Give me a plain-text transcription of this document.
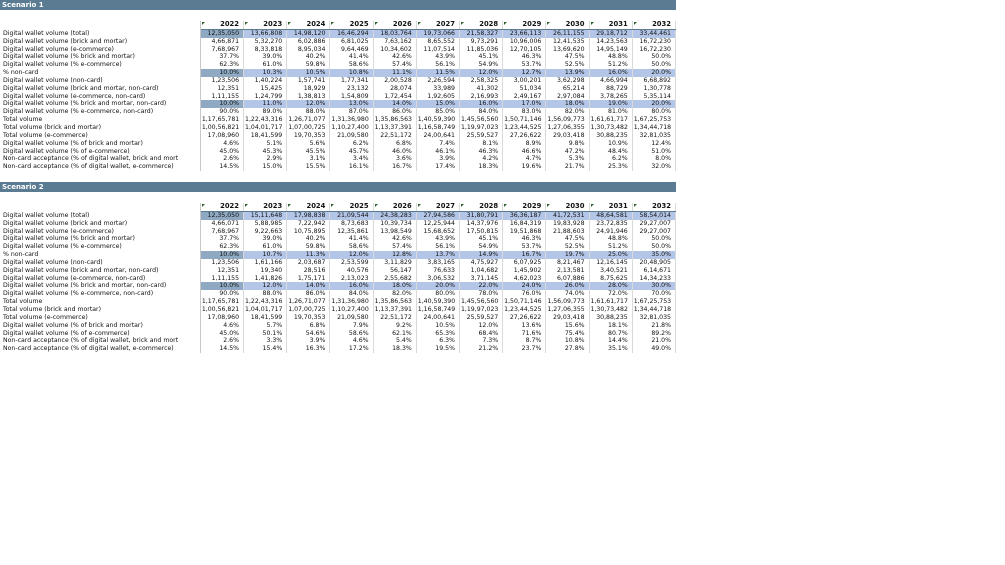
Scenario 1
	2022	2023	2024	2025	2026	2027	2028	2029	2030	2031	2032
Digital wallet volume (total)	12,35,050	13,66,808	14,98,120	16,46,294	18,03,764	19,73,066	21,58,327	23,66,113	26,11,155	29,18,712	33,44,461
Digital wallet volume (brick and mortar)	4,66,871	5,32,270	6,02,886	6,81,025	7,63,162	8,65,552	9,73,291	10,96,006	12,41,535	14,23,563	16,72,230
Digital wallet volume (e-commerce)	7,68,967	8,33,818	8,95,034	9,64,469	10,34,602	11,07,514	11,85,036	12,70,105	13,69,620	14,95,149	16,72,230
Digital wallet volume (% brick and mortar)	37.7%	39.0%	40.2%	41.4%	42.6%	43.9%	45.1%	46.3%	47.5%	48.8%	50.0%
Digital wallet volume (% e-commerce)	62.3%	61.0%	59.8%	58.6%	57.4%	56.1%	54.9%	53.7%	52.5%	51.2%	50.0%
% non-card	10.0%	10.3%	10.5%	10.8%	11.1%	11.5%	12.0%	12.7%	13.9%	16.0%	20.0%
Digital wallet volume (non-card)	1,23,506	1,40,224	1,57,741	1,77,341	2,00,528	2,26,594	2,58,325	3,00,201	3,62,298	4,66,994	6,68,892
Digital wallet volume (brick and mortar, non-card)	12,351	15,425	18,929	23,132	28,074	33,989	41,302	51,034	65,214	88,729	1,30,778
Digital wallet volume (e-commerce, non-card)	1,11,155	1,24,799	1,38,813	1,54,809	1,72,454	1,92,605	2,16,993	2,49,167	2,97,084	3,78,265	5,35,114
Digital wallet volume (% brick and mortar, non-card)	10.0%	11.0%	12.0%	13.0%	14.0%	15.0%	16.0%	17.0%	18.0%	19.0%	20.0%
Digital wallet volume (% e-commerce, non-card)	90.0%	89.0%	88.0%	87.0%	86.0%	85.0%	84.0%	83.0%	82.0%	81.0%	80.0%
Total volume	1,17,65,781	1,22,43,316	1,26,71,077	1,31,36,980	1,35,86,563	1,40,59,390	1,45,56,560	1,50,71,146	1,56,09,773	1,61,61,717	1,67,25,753
Total volume (brick and mortar)	1,00,56,821	1,04,01,717	1,07,00,725	1,10,27,400	1,13,37,391	1,16,58,749	1,19,97,023	1,23,44,525	1,27,06,355	1,30,73,482	1,34,44,718
Total volume (e-commerce)	17,08,960	18,41,599	19,70,353	21,09,580	22,51,172	24,00,641	25,59,527	27,26,622	29,03,418	30,88,235	32,81,035
Digital wallet volume (% of brick and mortar)	4.6%	5.1%	5.6%	6.2%	6.8%	7.4%	8.1%	8.9%	9.8%	10.9%	12.4%
Digital wallet volume (% of e-commerce)	45.0%	45.3%	45.5%	45.7%	46.0%	46.1%	46.3%	46.6%	47.2%	48.4%	51.0%
Non-card acceptance (% of digital wallet, brick and mort	2.6%	2.9%	3.1%	3.4%	3.6%	3.9%	4.2%	4.7%	5.3%	6.2%	8.0%
Non-card acceptance (% of digital wallet, e-commerce)	14.5%	15.0%	15.5%	16.1%	16.7%	17.4%	18.3%	19.6%	21.7%	25.3%	32.0%
Scenario 2
	2022	2023	2024	2025	2026	2027	2028	2029	2030	2031	2032
Digital wallet volume (total)	12,35,050	15,11,648	17,98,838	21,09,544	24,38,283	27,94,586	31,80,791	36,36,187	41,72,531	48,64,581	58,54,014
Digital wallet volume (brick and mortar)	4,66,071	5,88,985	7,22,942	8,73,683	10,39,734	12,25,944	14,37,976	16,84,319	19,83,928	23,72,835	29,27,007
Digital wallet volume (e-commerce)	7,68,967	9,22,663	10,75,895	12,35,861	13,98,549	15,68,652	17,50,815	19,51,868	21,88,603	24,91,946	29,27,007
Digital wallet volume (% brick and mortar)	37.7%	39.0%	40.2%	41.4%	42.6%	43.9%	45.1%	46.3%	47.5%	48.8%	50.0%
Digital wallet volume (% e-commerce)	62.3%	61.0%	59.8%	58.6%	57.4%	56.1%	54.9%	53.7%	52.5%	51.2%	50.0%
% non-card	10.0%	10.7%	11.3%	12.0%	12.8%	13.7%	14.9%	16.7%	19.7%	25.0%	35.0%
Digital wallet volume (non-card)	1,23,506	1,61,166	2,03,687	2,53,599	3,11,829	3,83,165	4,75,927	6,07,925	8,21,467	12,16,145	20,48,905
Digital wallet volume (brick and mortar, non-card)	12,351	19,340	28,516	40,576	56,147	76,633	1,04,682	1,45,902	2,13,581	3,40,521	6,14,671
Digital wallet volume (e-commerce, non-card)	1,11,155	1,41,826	1,75,171	2,13,023	2,55,682	3,06,532	3,71,145	4,62,023	6,07,886	8,75,625	14,34,233
Digital wallet volume (% brick and mortar, non-card)	10.0%	12.0%	14.0%	16.0%	18.0%	20.0%	22.0%	24.0%	26.0%	28.0%	30.0%
Digital wallet volume (% e-commerce, non-card)	90.0%	88.0%	86.0%	84.0%	82.0%	80.0%	78.0%	76.0%	74.0%	72.0%	70.0%
Total volume	1,17,65,781	1,22,43,316	1,26,71,077	1,31,36,980	1,35,86,563	1,40,59,390	1,45,56,560	1,50,71,146	1,56,09,773	1,61,61,717	1,67,25,753
Total volume (brick and mortar)	1,00,56,821	1,04,01,717	1,07,00,725	1,10,27,400	1,13,37,391	1,16,58,749	1,19,97,023	1,23,44,525	1,27,06,355	1,30,73,482	1,34,44,718
Total volume (e-commerce)	17,08,960	18,41,599	19,70,353	21,09,580	22,51,172	24,00,641	25,59,527	27,26,622	29,03,418	30,88,235	32,81,035
Digital wallet volume (% of brick and mortar)	4.6%	5.7%	6.8%	7.9%	9.2%	10.5%	12.0%	13.6%	15.6%	18.1%	21.8%
Digital wallet volume (% of e-commerce)	45.0%	50.1%	54.6%	58.6%	62.1%	65.3%	68.4%	71.6%	75.4%	80.7%	89.2%
Non-card acceptance (% of digital wallet, brick and mort	2.6%	3.3%	3.9%	4.6%	5.4%	6.3%	7.3%	8.7%	10.8%	14.4%	21.0%
Non-card acceptance (% of digital wallet, e-commerce)	14.5%	15.4%	16.3%	17.2%	18.3%	19.5%	21.2%	23.7%	27.8%	35.1%	49.0%
